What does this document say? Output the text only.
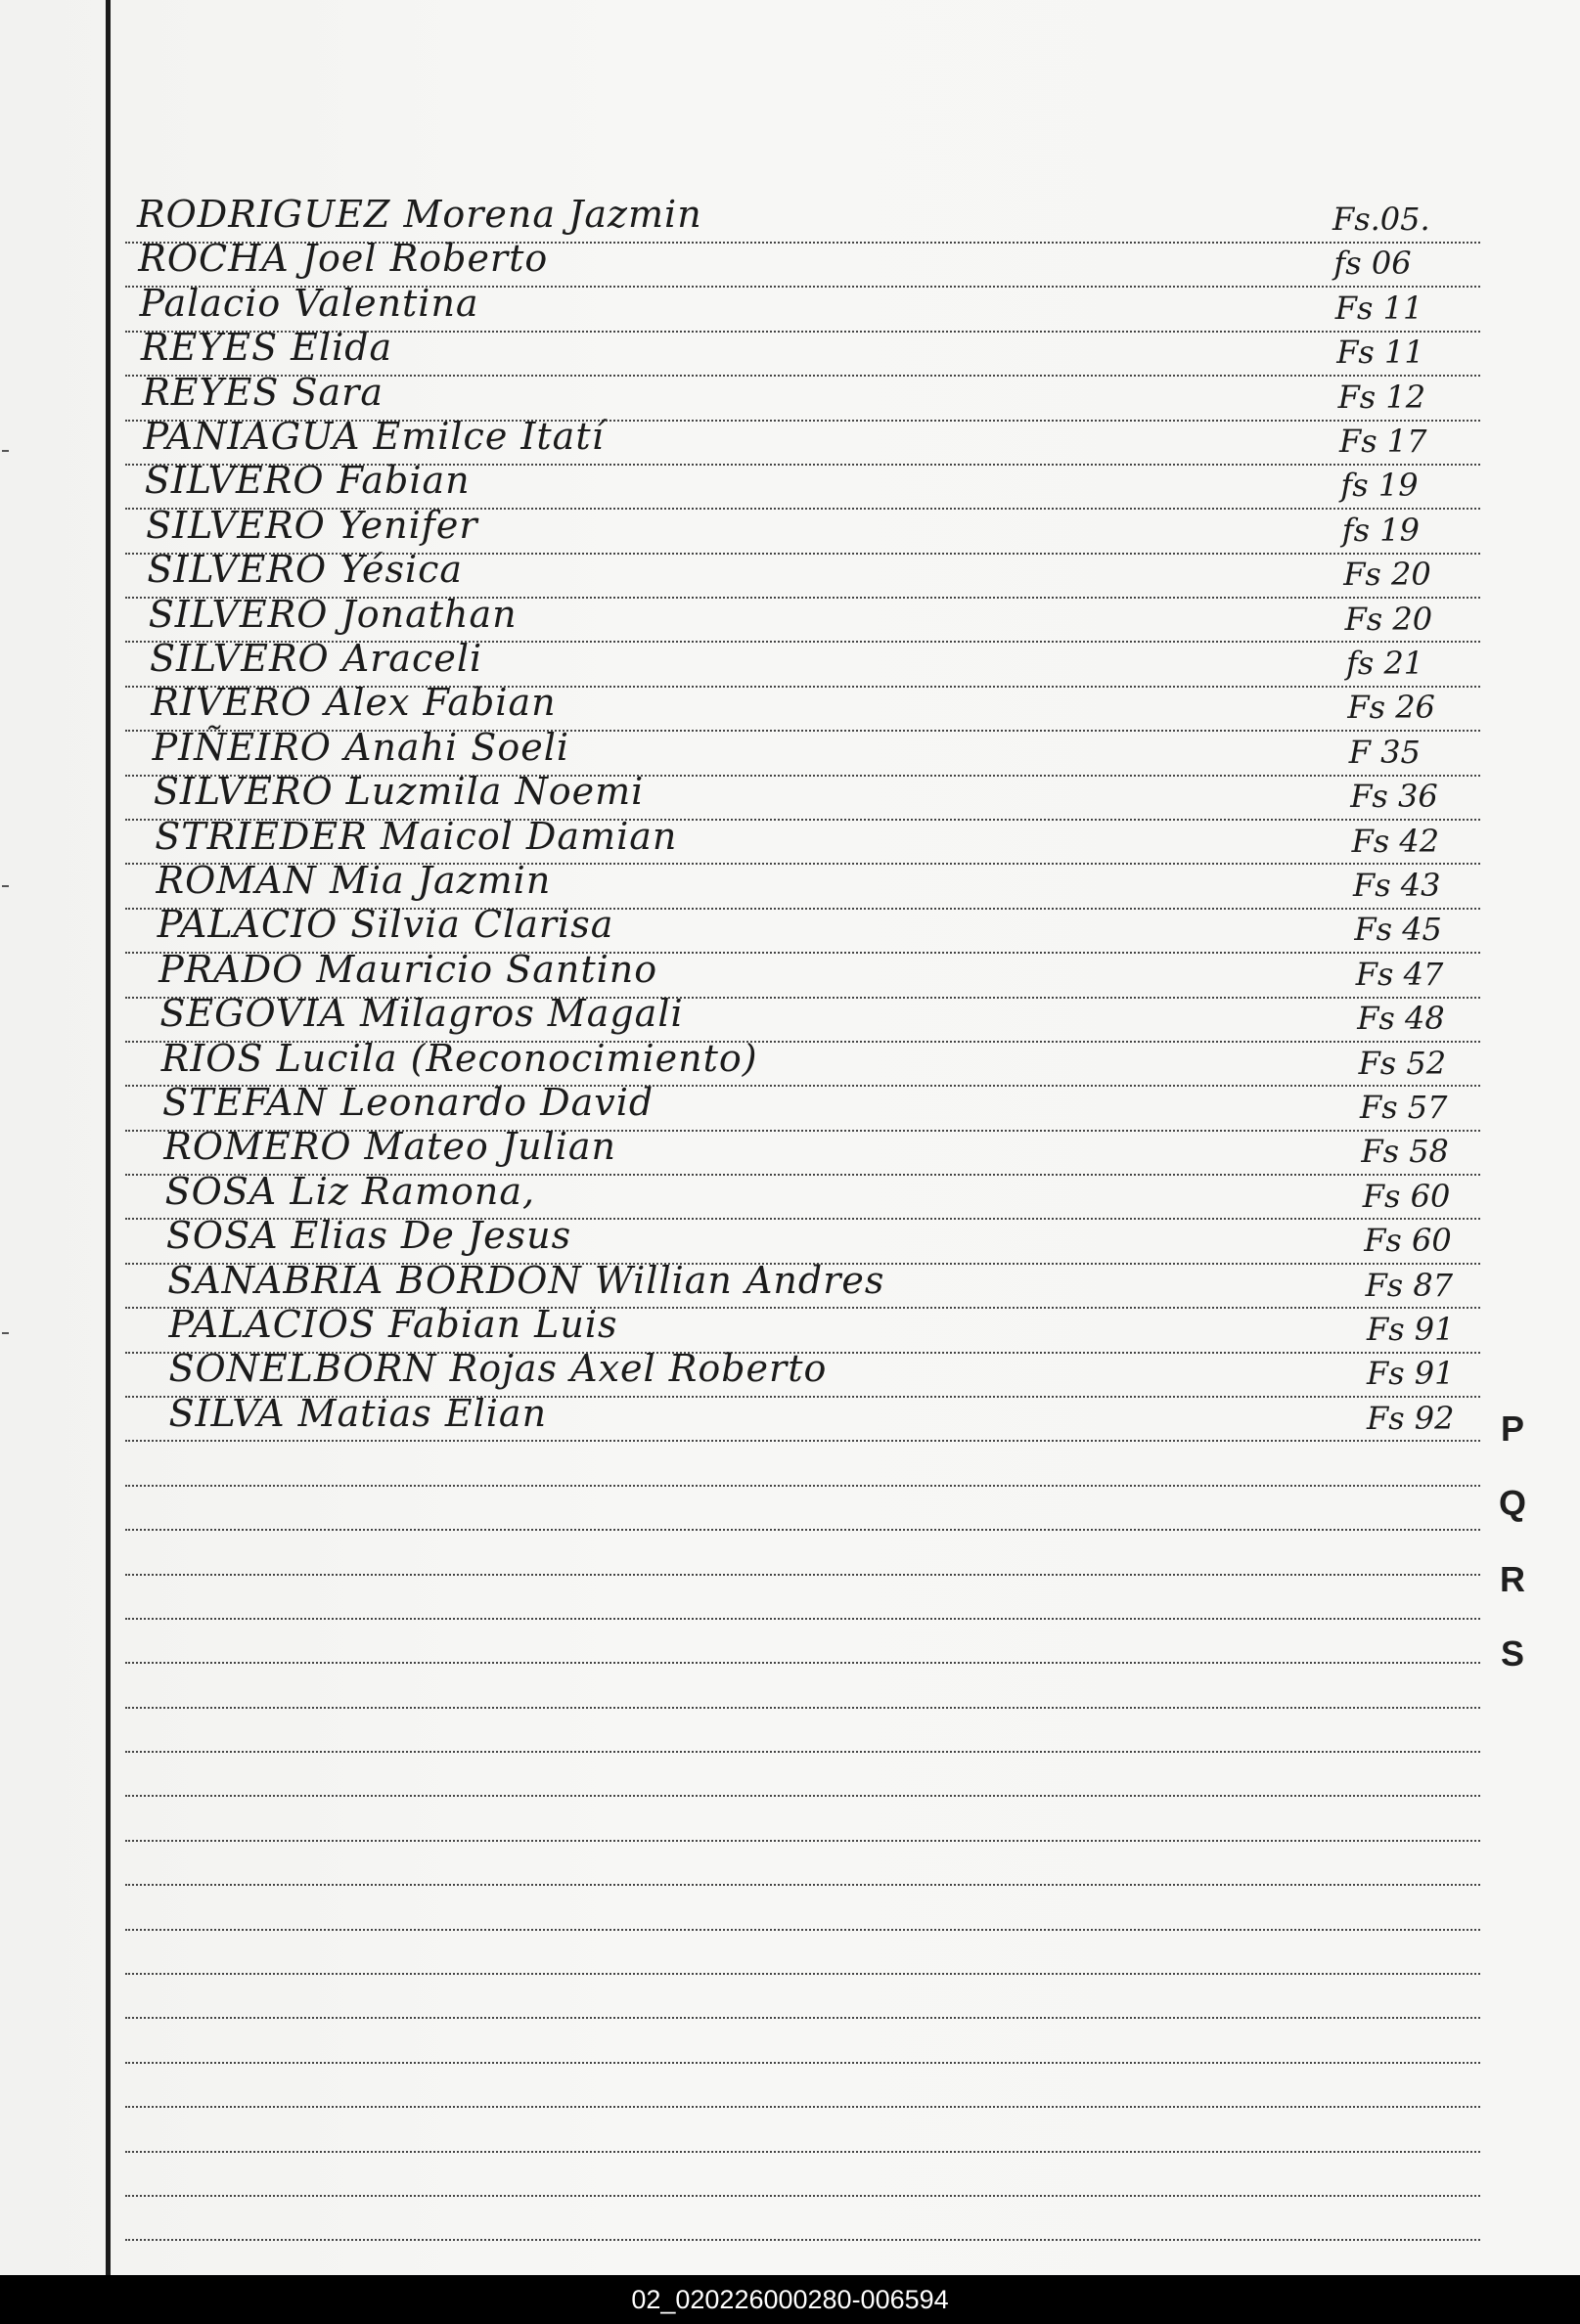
RODRIGUEZ Morena Jazmin	Fs.05.
ROCHA Joel Roberto	fs 06
Palacio Valentina	Fs 11
REYES Elida	Fs 11
REYES Sara	Fs 12
PANIAGUA Emilce Itatí	Fs 17
SILVERO Fabian	fs 19
SILVERO Yenifer	fs 19
SILVERO Yésica	Fs 20
SILVERO Jonathan	Fs 20
SILVERO Araceli	fs 21
RIVERO Alex Fabian	Fs 26
PIÑEIRO Anahi Soeli	F 35
SILVERO Luzmila Noemi	Fs 36
STRIEDER Maicol Damian	Fs 42
ROMAN Mia Jazmin	Fs 43
PALACIO Silvia Clarisa	Fs 45
PRADO Mauricio Santino	Fs 47
SEGOVIA Milagros Magali	Fs 48
RIOS Lucila (Reconocimiento)	Fs 52
STEFAN Leonardo David	Fs 57
ROMERO Mateo Julian	Fs 58
SOSA Liz Ramona,	Fs 60
SOSA Elias De Jesus	Fs 60
SANABRIA BORDON Willian Andres	Fs 87
PALACIOS Fabian Luis	Fs 91
SONELBORN Rojas Axel Roberto	Fs 91
SILVA Matias Elian	Fs 92 P
Q
R
S
02_020226000280-006594
